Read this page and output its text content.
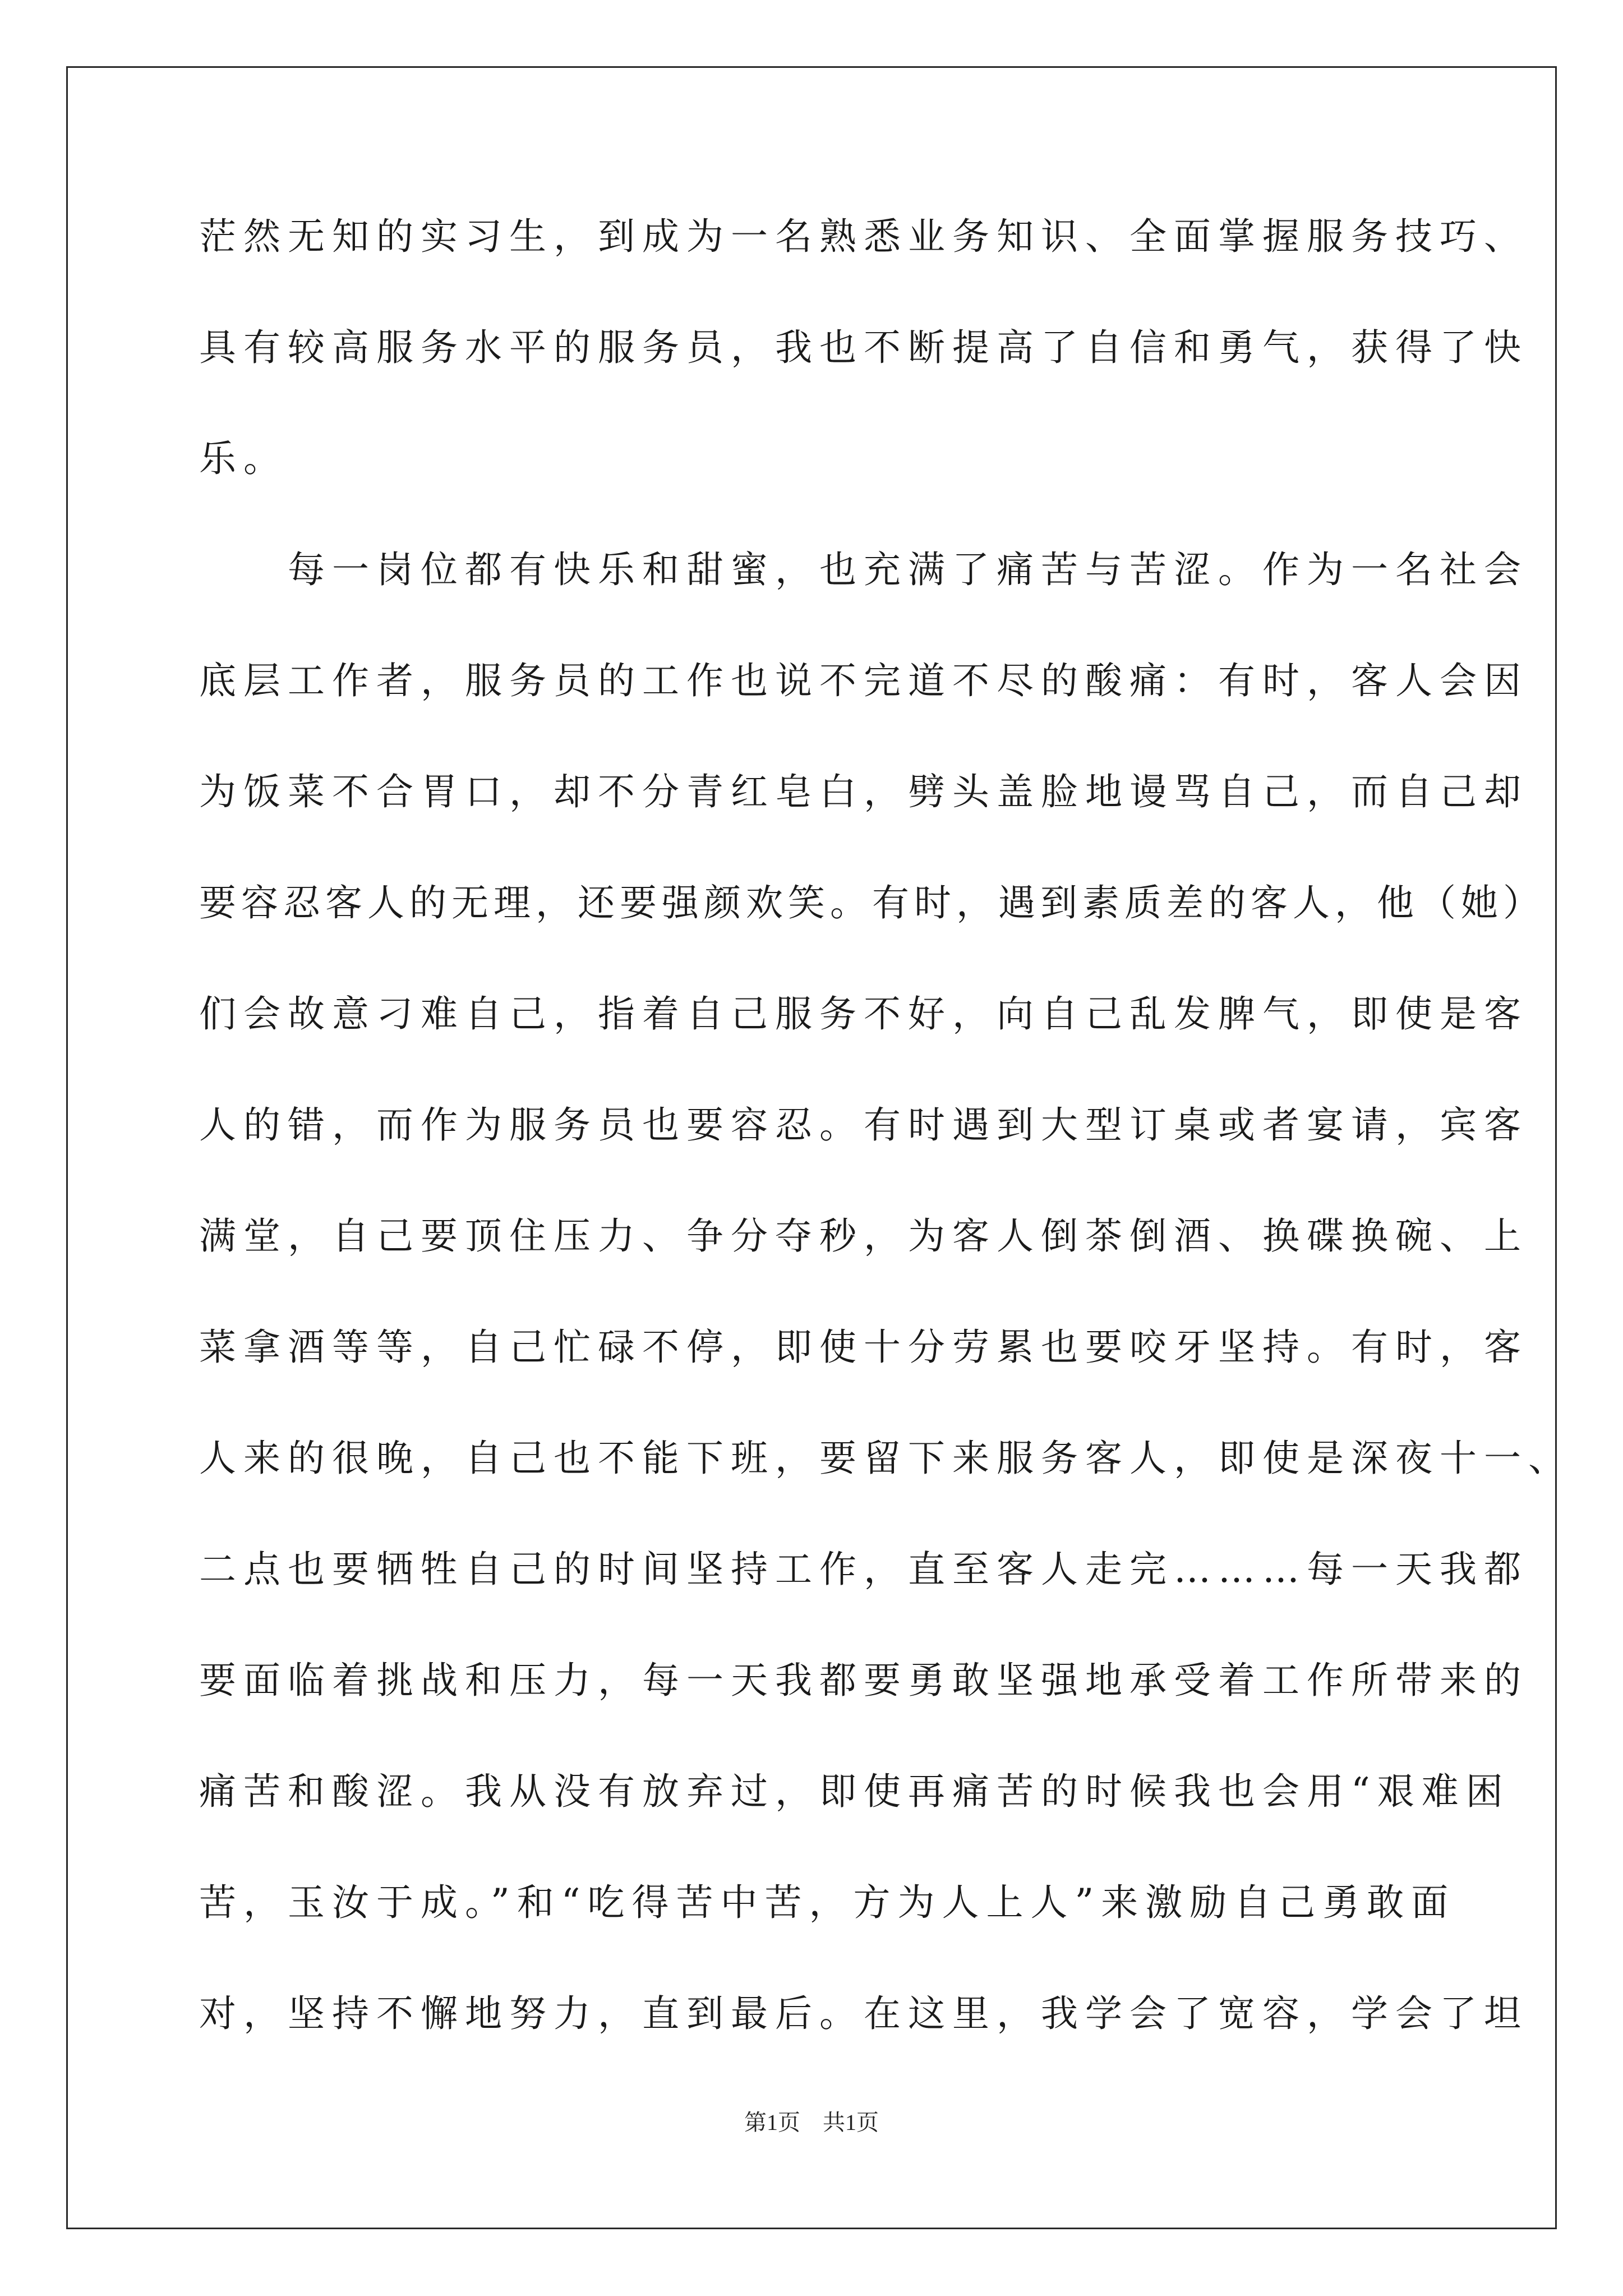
茫然无知的实习生，到成为一名熟悉业务知识、全面掌握服务技巧、
具有较高服务水平的服务员，我也不断提高了自信和勇气，获得了快
乐。
　　每一岗位都有快乐和甜蜜，也充满了痛苦与苦涩。作为一名社会
底层工作者，服务员的工作也说不完道不尽的酸痛：有时，客人会因
为饭菜不合胃口，却不分青红皂白，劈头盖脸地谩骂自己，而自己却
要容忍客人的无理，还要强颜欢笑。有时，遇到素质差的客人，他（她）
们会故意刁难自己，指着自己服务不好，向自己乱发脾气，即使是客
人的错，而作为服务员也要容忍。有时遇到大型订桌或者宴请，宾客
满堂，自己要顶住压力、争分夺秒，为客人倒茶倒酒、换碟换碗、上
菜拿酒等等，自己忙碌不停，即使十分劳累也要咬牙坚持。有时，客
人来的很晚，自己也不能下班，要留下来服务客人，即使是深夜十一、
二点也要牺牲自己的时间坚持工作，直至客人走完………每一天我都
要面临着挑战和压力，每一天我都要勇敢坚强地承受着工作所带来的
痛苦和酸涩。我从没有放弃过，即使再痛苦的时候我也会用“艰难困
苦，玉汝于成。”和“吃得苦中苦，方为人上人”来激励自己勇敢面
对，坚持不懈地努力，直到最后。在这里，我学会了宽容，学会了坦
第1页　共1页
